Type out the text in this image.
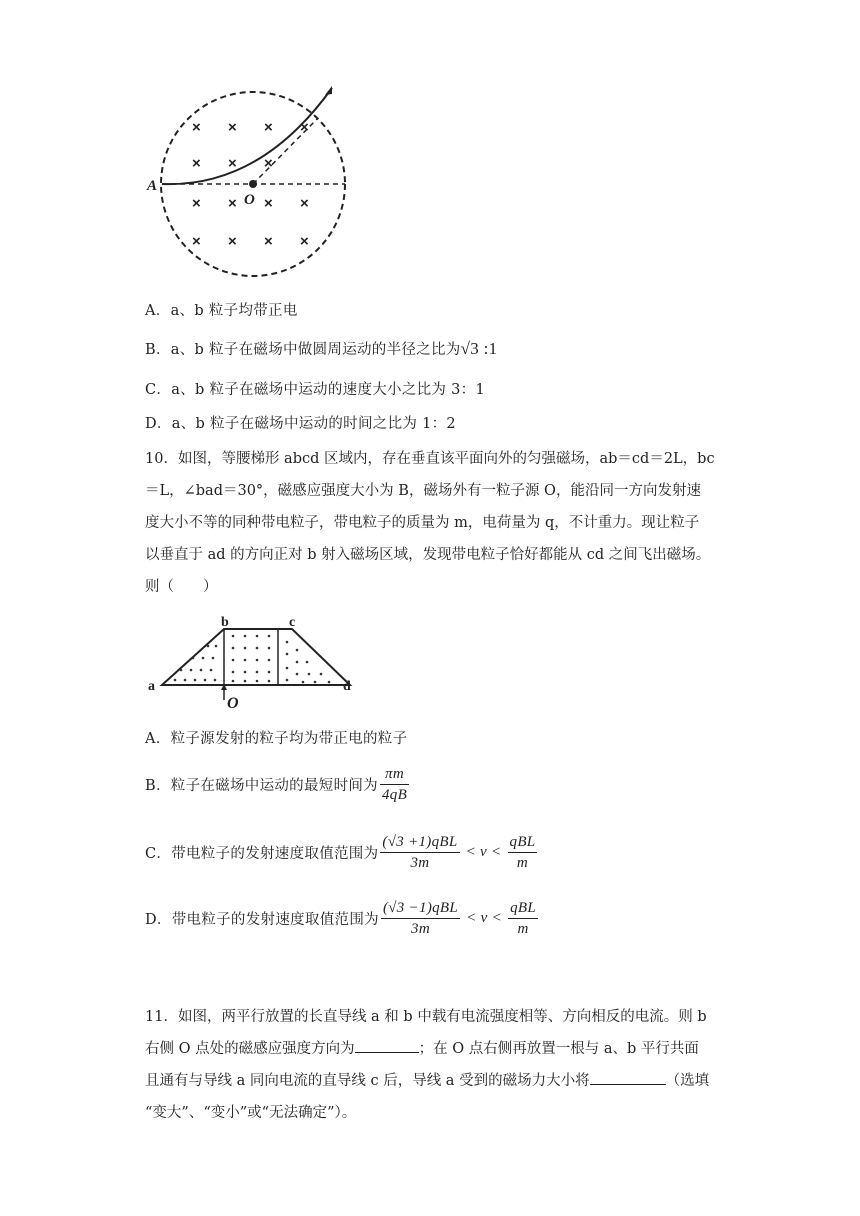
× × × ×
× × ×
× × × ×
× × × ×
A
O
A．a、b 粒子均带正电
B．a、b 粒子在磁场中做圆周运动的半径之比为√3 :1
C．a、b 粒子在磁场中运动的速度大小之比为 3：1
D．a、b 粒子在磁场中运动的时间之比为 1：2

10．如图，等腰梯形 abcd 区域内，存在垂直该平面向外的匀强磁场，ab＝cd＝2L，bc

＝L，∠bad＝30°，磁感应强度大小为 B，磁场外有一粒子源 O，能沿同一方向发射速

度大小不等的同种带电粒子，带电粒子的质量为 m，电荷量为 q，不计重力。现让粒子

以垂直于 ad 的方向正对 b 射入磁场区域，发现带电粒子恰好都能从 cd 之间飞出磁场。

则（　　）

a
b	c
d
O
A．粒子源发射的粒子均为带正电的粒子
B．粒子在磁场中运动的最短时间为 $\frac{\pi m}{4qB}$
C．带电粒子的发射速度取值范围为 $\frac{\text{(√3 +1)qBL}}{3m} < v < \frac{\text{qBL}}{m}$
D．带电粒子的发射速度取值范围为 $\frac{\text{(√3 −1)qBL}}{3m} < v < \frac{\text{qBL}}{m}$

11．如图，两平行放置的长直导线 a 和 b 中载有电流强度相等、方向相反的电流。则 b

右侧 O 点处的磁感应强度方向为	；在 O 点右侧再放置一根与 a、b 平行共面

且通有与导线 a 同向电流的直导线 c 后，导线 a 受到的磁场力大小将	（选填

“变大”、“变小”或“无法确定”）。
